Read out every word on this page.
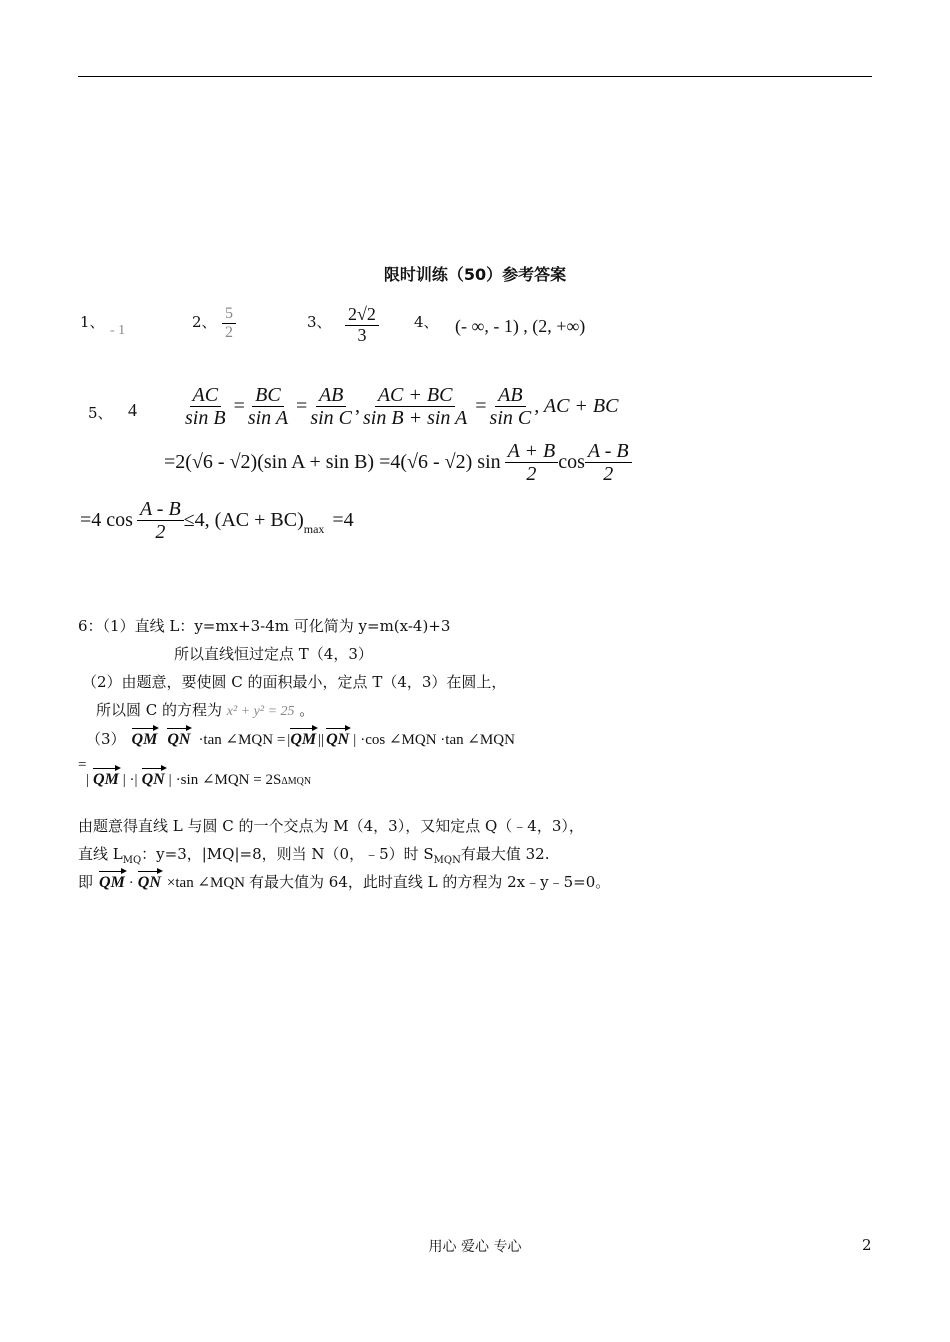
限时训练（50）参考答案
1、 - 1	2、 $\frac{5}{2}$	3、 $\frac{2√2}{3} 4$、 (- ∞, - 1) , (2, +∞)
5、 $4 \frac{AC}{\text{sin B}} = \frac{BC}{\text{sin A}} = \frac{AB}{\text{sin C}}$ , $\frac{AC + BC}{\text{sin B + sin A}} = \frac{AB}{\text{sin C}}$ , AC + BC
=2(√6 - √2)(sin A + sin B) =4(√6 - √2) $\sin \frac{A + B}{2}$ $\cos \frac{A - B}{2}$
=4 $\cos \frac{A - B}{2} \le 4$, $(AC + BC)_{max} =4$
6：（1）直线 L：y=mx+3-4m 可化简为 y=m(x-4)+3
所以直线恒过定点 T（4，3）
（2）由题意，要使圆 C 的面积最小，定点 T（4，3）在圆上，
所以圆 C 的方程为 x² + y² = 25 。
（3） QM QN ·tan ∠MQN = | QM || QN | ·cos ∠MQN ·tan ∠MQN
=
| QM | ·| QN | ·sin ∠MQN = 2S ΔMQN
由题意得直线 L 与圆 C 的一个交点为 M（4，3），又知定点 Q（﹣4，3），
直线 $L_{MQ}$：y=3，|MQ|=8，则当 N（0，﹣5）时 $S_{MQN}$有最大值 32.
即 QM · QN ×tan ∠MQN 有最大值为 64，此时直线 L 的方程为 2x﹣y﹣5=0。
用心 爱心 专心	2
